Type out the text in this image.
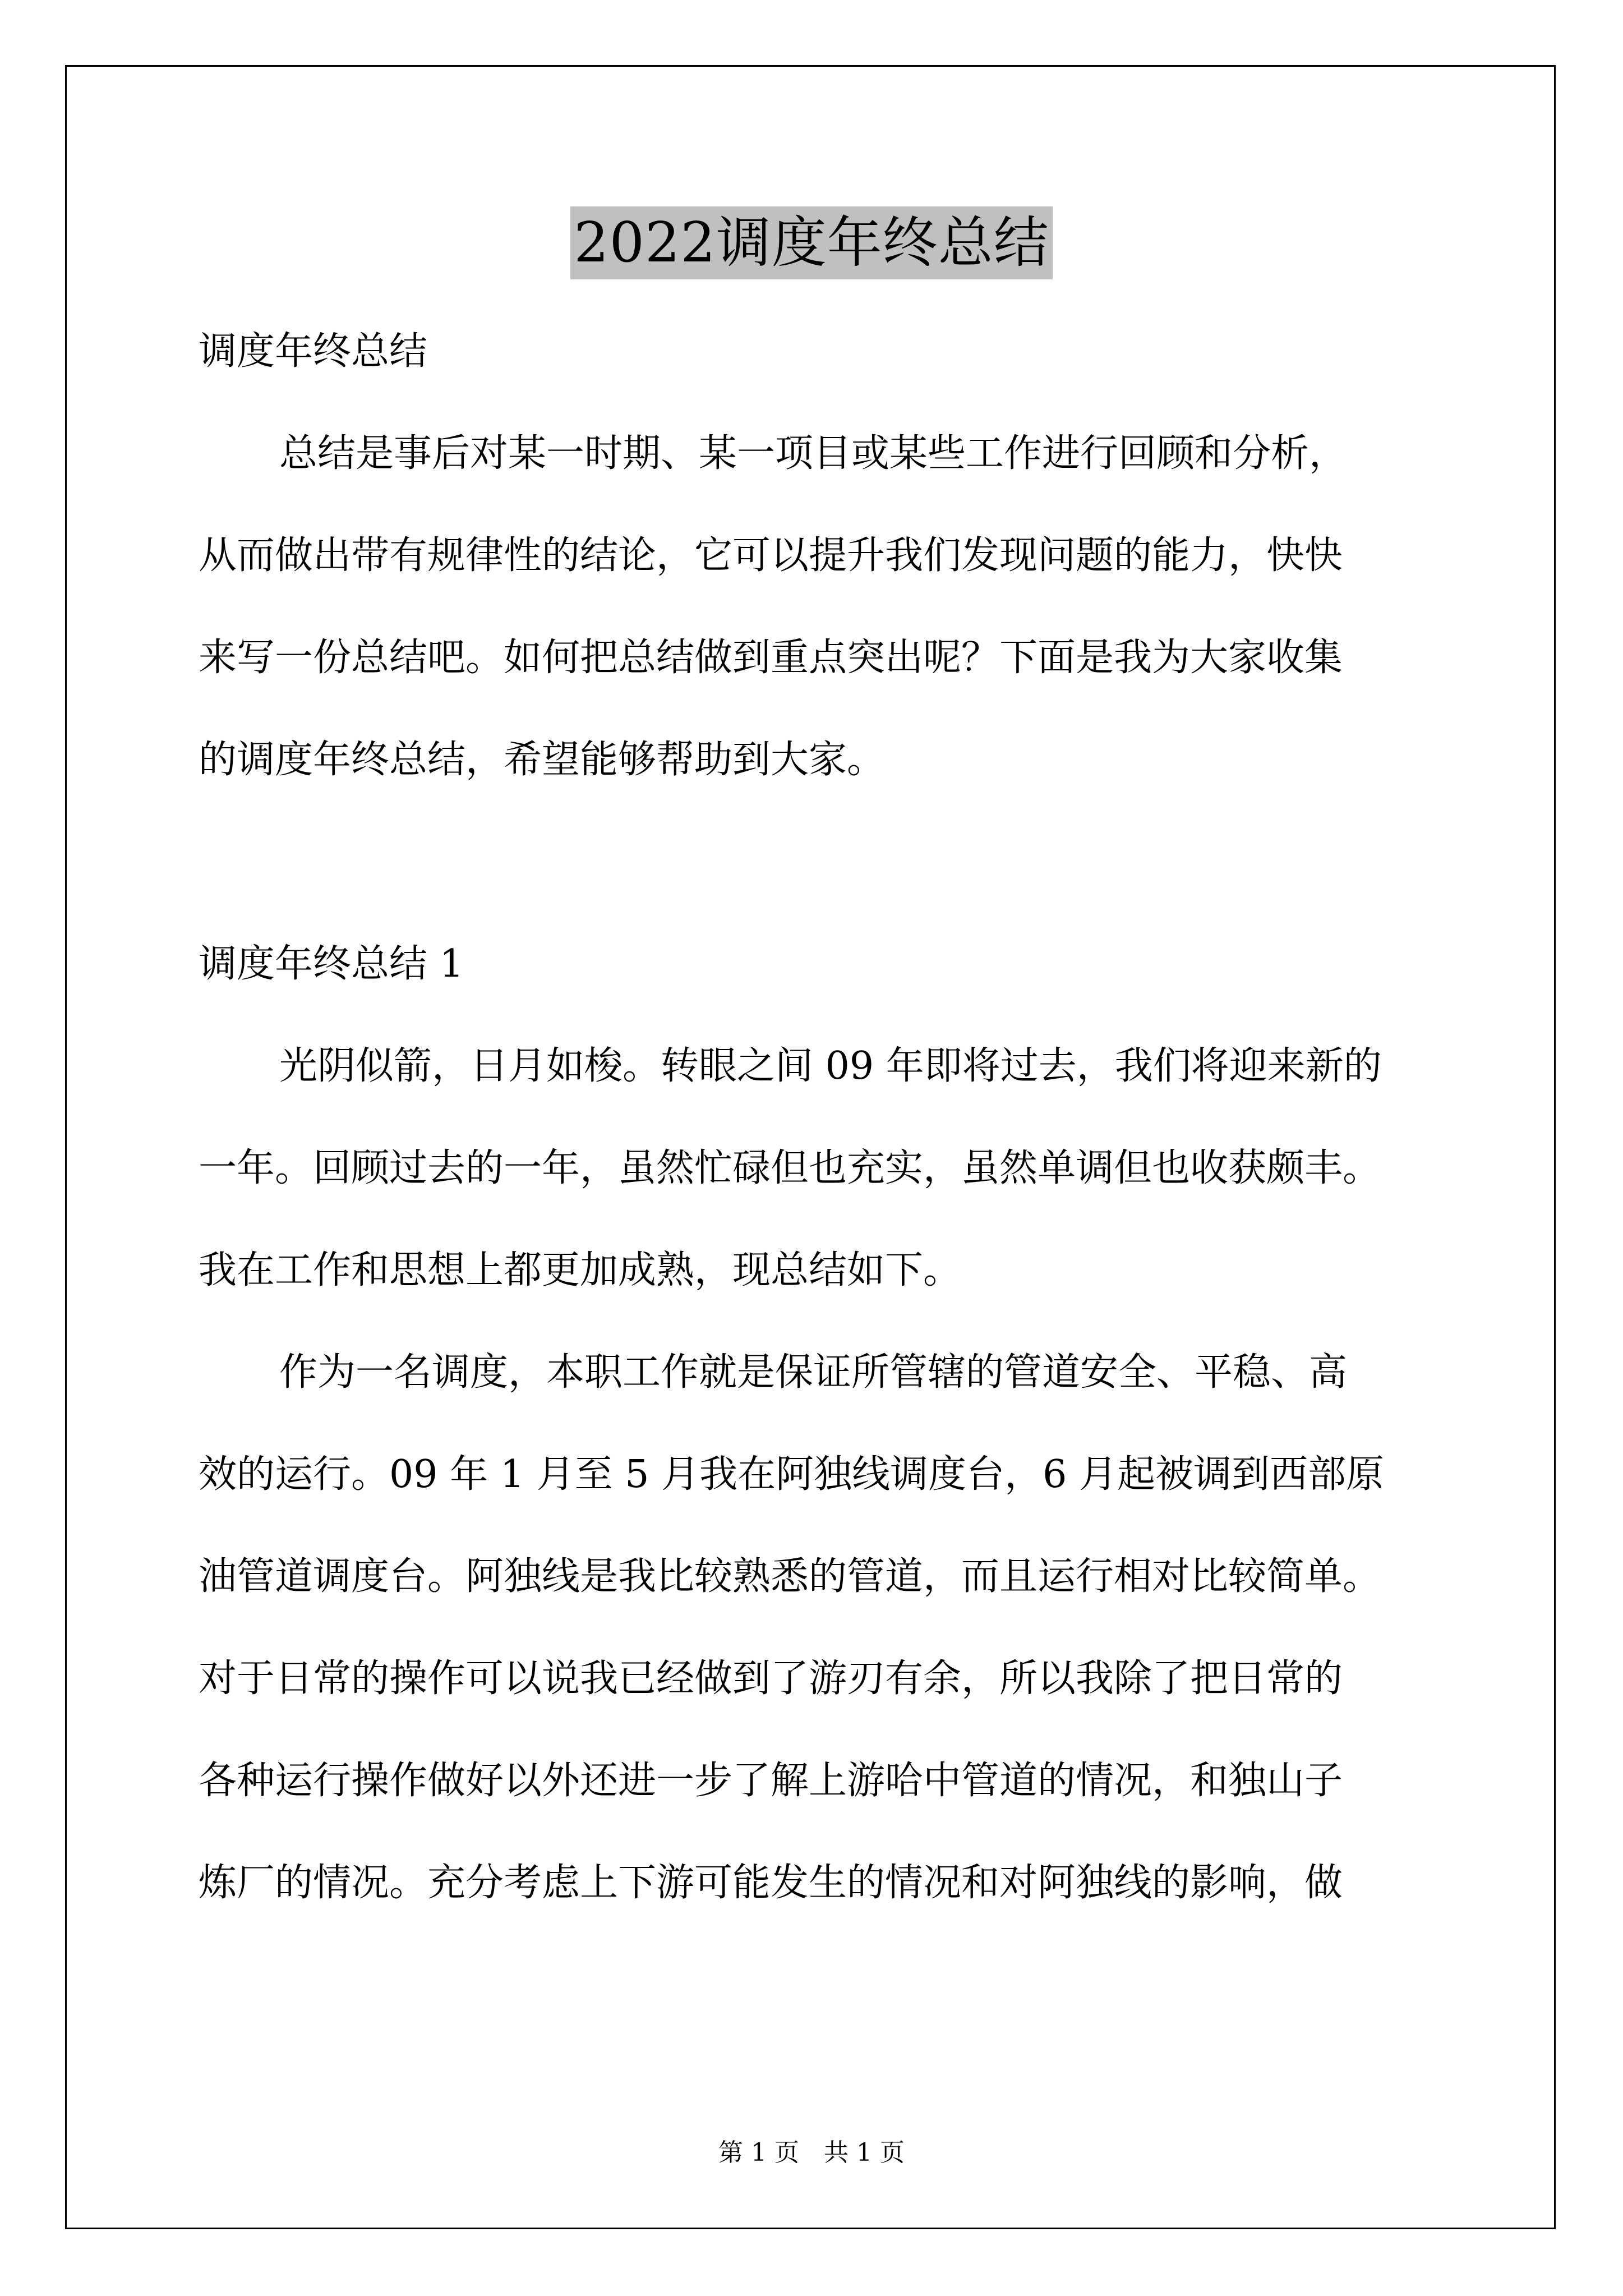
2022调度年终总结
调度年终总结
总结是事后对某一时期、某一项目或某些工作进行回顾和分析，
从而做出带有规律性的结论，它可以提升我们发现问题的能力，快快
来写一份总结吧。如何把总结做到重点突出呢？下面是我为大家收集
的调度年终总结，希望能够帮助到大家。
调度年终总结 1
光阴似箭，日月如梭。转眼之间 09 年即将过去，我们将迎来新的
一年。回顾过去的一年，虽然忙碌但也充实，虽然单调但也收获颇丰。
我在工作和思想上都更加成熟，现总结如下。
作为一名调度，本职工作就是保证所管辖的管道安全、平稳、高
效的运行。09 年 1 月至 5 月我在阿独线调度台，6 月起被调到西部原
油管道调度台。阿独线是我比较熟悉的管道，而且运行相对比较简单。
对于日常的操作可以说我已经做到了游刃有余，所以我除了把日常的
各种运行操作做好以外还进一步了解上游哈中管道的情况，和独山子
炼厂的情况。充分考虑上下游可能发生的情况和对阿独线的影响，做
第 1 页　共 1 页
